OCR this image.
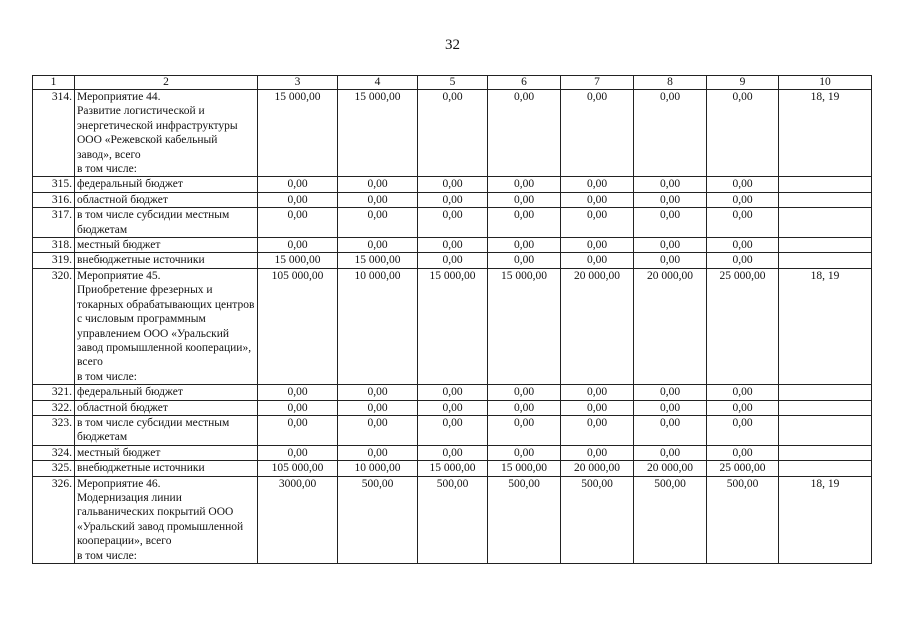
32
1	2	3	4	5	6	7	8	9	10
314.	Мероприятие 44.
Развитие логистической и энергетической инфраструктуры ООО «Режевской кабельный завод», всего
в том числе:	15 000,00	15 000,00	0,00	0,00	0,00	0,00	0,00	18, 19
315.	федеральный бюджет	0,00	0,00	0,00	0,00	0,00	0,00	0,00	
316.	областной бюджет	0,00	0,00	0,00	0,00	0,00	0,00	0,00	
317.	в том числе субсидии местным бюджетам	0,00	0,00	0,00	0,00	0,00	0,00	0,00	
318.	местный бюджет	0,00	0,00	0,00	0,00	0,00	0,00	0,00	
319.	внебюджетные источники	15 000,00	15 000,00	0,00	0,00	0,00	0,00	0,00	
320.	Мероприятие 45.
Приобретение фрезерных и токарных обрабатывающих центров с числовым программным управлением ООО «Уральский завод промышленной кооперации», всего
в том числе:	105 000,00	10 000,00	15 000,00	15 000,00	20 000,00	20 000,00	25 000,00	18, 19
321.	федеральный бюджет	0,00	0,00	0,00	0,00	0,00	0,00	0,00	
322.	областной бюджет	0,00	0,00	0,00	0,00	0,00	0,00	0,00	
323.	в том числе субсидии местным бюджетам	0,00	0,00	0,00	0,00	0,00	0,00	0,00	
324.	местный бюджет	0,00	0,00	0,00	0,00	0,00	0,00	0,00	
325.	внебюджетные источники	105 000,00	10 000,00	15 000,00	15 000,00	20 000,00	20 000,00	25 000,00	
326.	Мероприятие 46.
Модернизация линии гальванических покрытий ООО «Уральский завод промышленной кооперации», всего
в том числе:	3000,00	500,00	500,00	500,00	500,00	500,00	500,00	18, 19
